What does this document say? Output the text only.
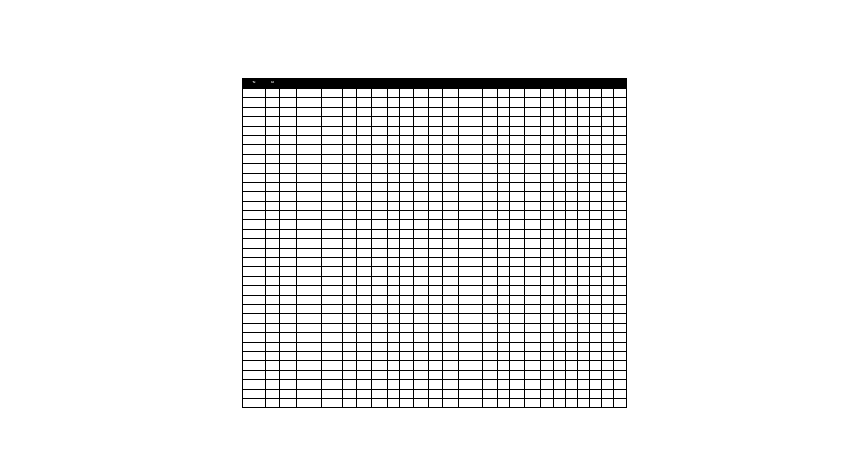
Tx	Id																							
